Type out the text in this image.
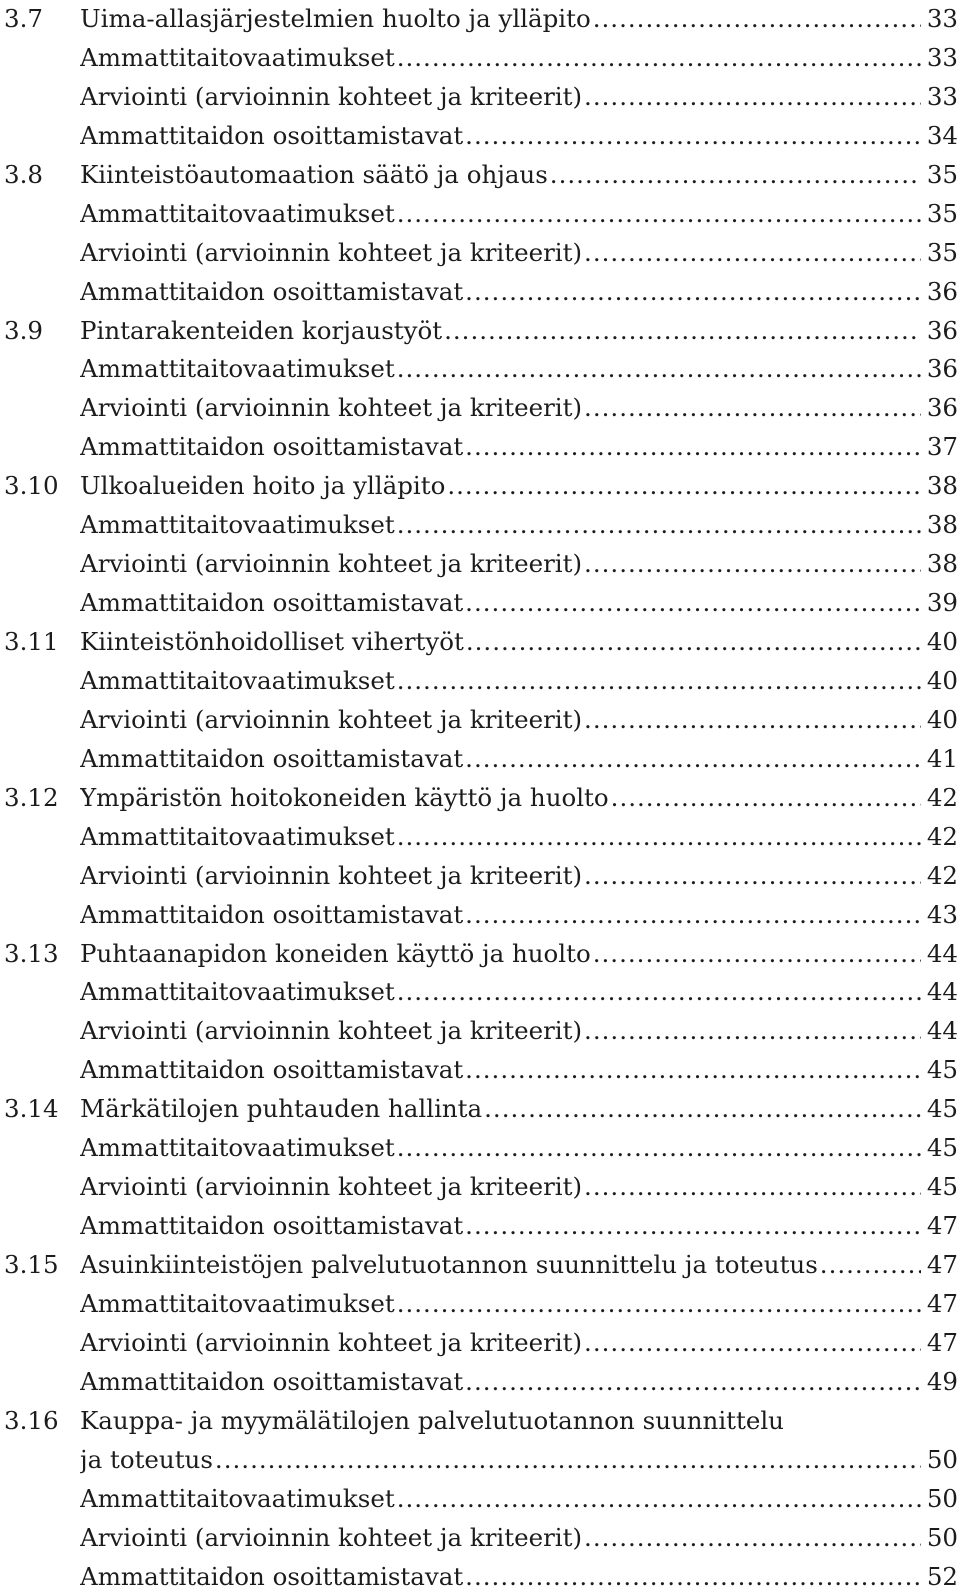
3.7 Uima-allasjärjestelmien huolto ja ylläpito .....	33
Ammattitaitovaatimukset .....	33
Arviointi (arvioinnin kohteet ja kriteerit) .....	33
Ammattitaidon osoittamistavat .....	34
3.8 Kiinteistöautomaation säätö ja ohjaus .....	35
Ammattitaitovaatimukset .....	35
Arviointi (arvioinnin kohteet ja kriteerit) .....	35
Ammattitaidon osoittamistavat .....	36
3.9 Pintarakenteiden korjaustyöt .....	36
Ammattitaitovaatimukset .....	36
Arviointi (arvioinnin kohteet ja kriteerit) .....	36
Ammattitaidon osoittamistavat .....	37
3.10 Ulkoalueiden hoito ja ylläpito .....	38
Ammattitaitovaatimukset .....	38
Arviointi (arvioinnin kohteet ja kriteerit) .....	38
Ammattitaidon osoittamistavat .....	39
3.11 Kiinteistönhoidolliset vihertyöt .....	40
Ammattitaitovaatimukset .....	40
Arviointi (arvioinnin kohteet ja kriteerit) .....	40
Ammattitaidon osoittamistavat .....	41
3.12 Ympäristön hoitokoneiden käyttö ja huolto .....	42
Ammattitaitovaatimukset .....	42
Arviointi (arvioinnin kohteet ja kriteerit) .....	42
Ammattitaidon osoittamistavat .....	43
3.13 Puhtaanapidon koneiden käyttö ja huolto .....	44
Ammattitaitovaatimukset .....	44
Arviointi (arvioinnin kohteet ja kriteerit) .....	44
Ammattitaidon osoittamistavat .....	45
3.14 Märkätilojen puhtauden hallinta .....	45
Ammattitaitovaatimukset .....	45
Arviointi (arvioinnin kohteet ja kriteerit) .....	45
Ammattitaidon osoittamistavat .....	47
3.15 Asuinkiinteistöjen palvelutuotannon suunnittelu ja toteutus .....	47
Ammattitaitovaatimukset .....	47
Arviointi (arvioinnin kohteet ja kriteerit) .....	47
Ammattitaidon osoittamistavat .....	49
3.16 Kauppa- ja myymälätilojen palvelutuotannon suunnittelu
ja toteutus .....	50
Ammattitaitovaatimukset .....	50
Arviointi (arvioinnin kohteet ja kriteerit) .....	50
Ammattitaidon osoittamistavat .....	52
